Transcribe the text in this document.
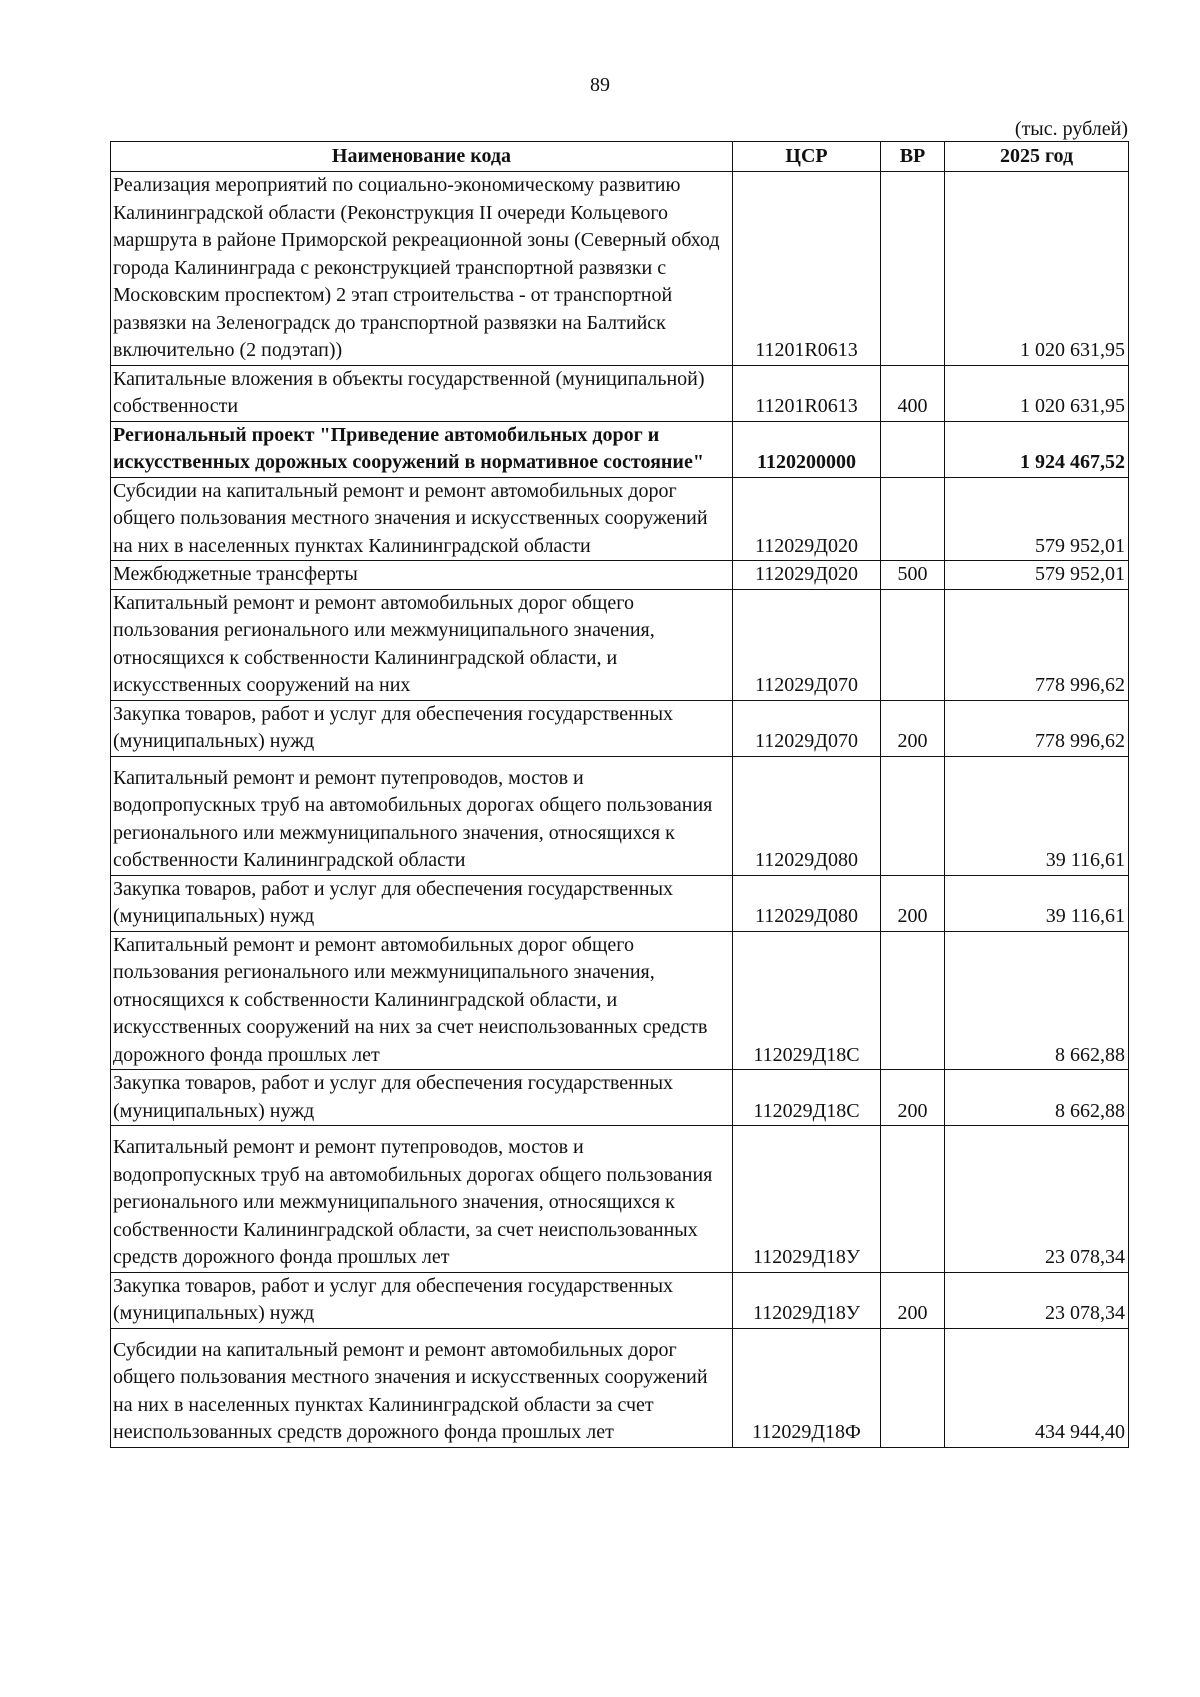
89
(тыс. рублей)
Наименование кода	ЦСР	ВР	2025 год
Реализация мероприятий по социально-экономическому развитию Калининградской области (Реконструкция II очереди Кольцевого маршрута в районе Приморской рекреационной зоны (Северный обход города Калининграда с реконструкцией транспортной развязки с Московским проспектом) 2 этап строительства - от транспортной развязки на Зеленоградск до транспортной развязки на Балтийск включительно (2 подэтап))	11201R0613		1 020 631,95
Капитальные вложения в объекты государственной (муниципальной) собственности	11201R0613	400	1 020 631,95
Региональный проект "Приведение автомобильных дорог и искусственных дорожных сооружений в нормативное состояние"	1120200000		1 924 467,52
Субсидии на капитальный ремонт и ремонт автомобильных дорог общего пользования местного значения и искусственных сооружений на них в населенных пунктах Калининградской области	112029Д020		579 952,01
Межбюджетные трансферты	112029Д020	500	579 952,01
Капитальный ремонт и ремонт автомобильных дорог общего пользования регионального или межмуниципального значения, относящихся к собственности Калининградской области, и искусственных сооружений на них	112029Д070		778 996,62
Закупка товаров, работ и услуг для обеспечения государственных (муниципальных) нужд	112029Д070	200	778 996,62
Капитальный ремонт и ремонт путепроводов, мостов и водопропускных труб на автомобильных дорогах общего пользования регионального или межмуниципального значения, относящихся к собственности Калининградской области	112029Д080		39 116,61
Закупка товаров, работ и услуг для обеспечения государственных (муниципальных) нужд	112029Д080	200	39 116,61
Капитальный ремонт и ремонт автомобильных дорог общего пользования регионального или межмуниципального значения, относящихся к собственности Калининградской области, и искусственных сооружений на них за счет неиспользованных средств дорожного фонда прошлых лет	112029Д18С		8 662,88
Закупка товаров, работ и услуг для обеспечения государственных (муниципальных) нужд	112029Д18С	200	8 662,88
Капитальный ремонт и ремонт путепроводов, мостов и водопропускных труб на автомобильных дорогах общего пользования регионального или межмуниципального значения, относящихся к собственности Калининградской области, за счет неиспользованных средств дорожного фонда прошлых лет	112029Д18У		23 078,34
Закупка товаров, работ и услуг для обеспечения государственных (муниципальных) нужд	112029Д18У	200	23 078,34
Субсидии на капитальный ремонт и ремонт автомобильных дорог общего пользования местного значения и искусственных сооружений на них в населенных пунктах Калининградской области за счет неиспользованных средств дорожного фонда прошлых лет	112029Д18Ф		434 944,40
